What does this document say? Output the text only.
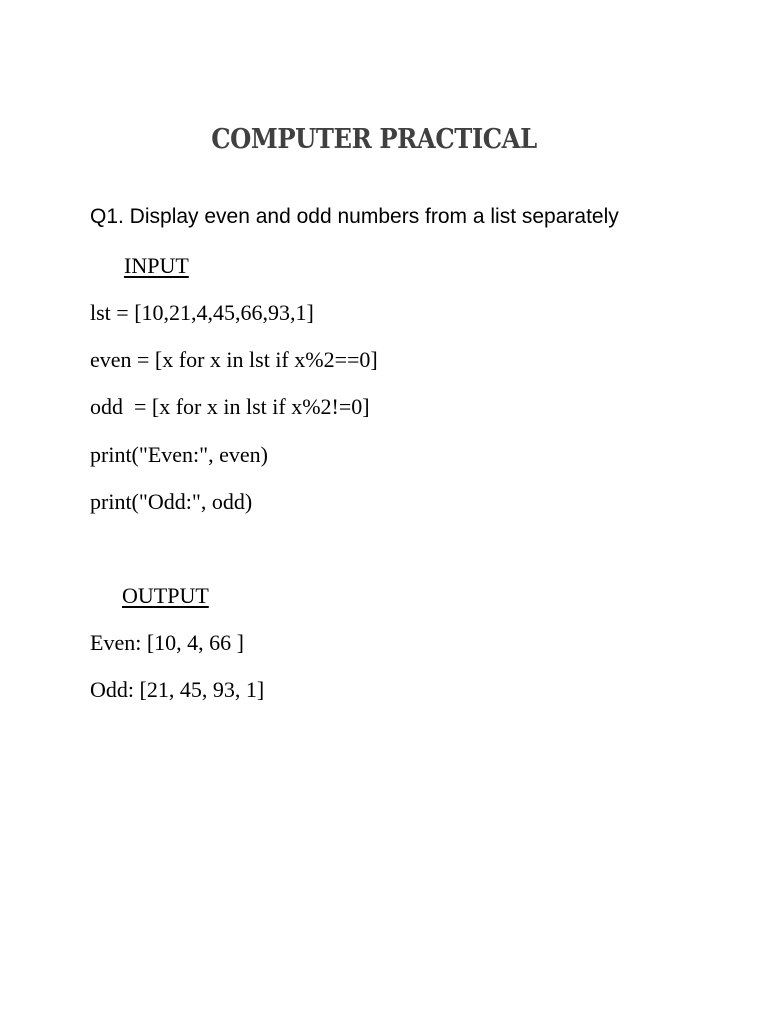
COMPUTER PRACTICAL
Q1. Display even and odd numbers from a list separately
INPUT
lst = [10,21,4,45,66,93,1]
even = [x for x in lst if x%2==0]
odd  = [x for x in lst if x%2!=0]
print("Even:", even)
print("Odd:", odd)
OUTPUT
Even: [10, 4, 66 ]
Odd: [21, 45, 93, 1]
